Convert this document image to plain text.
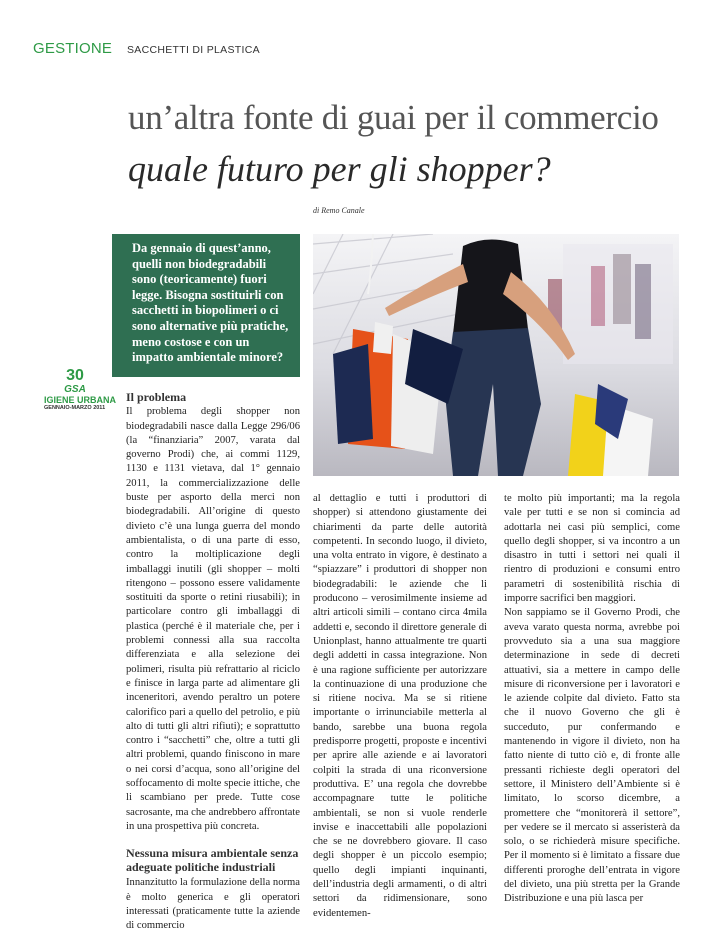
GESTIONE SACCHETTI DI PLASTICA
un’altra fonte di guai per il commercio
quale futuro per gli shopper?
di Remo Canale
Da gennaio di quest’anno, quelli non biodegradabili sono (teoricamente) fuori legge. Bisogna sostituirli con sacchetti in biopolimeri o ci sono alternative più pratiche, meno costose e con un impatto ambientale minore?
30
GSA
IGIENE URBANA
GENNAIO-MARZO 2011
Il problema

Il problema degli shopper non biodegradabili nasce dalla Legge 296/06 (la “finanziaria” 2007, varata dal governo Prodi) che, ai commi 1129, 1130 e 1131 vietava, dal 1° gennaio 2011, la commercializzazione delle buste per asporto della merci non biodegradabili. All’origine di questo divieto c’è una lunga guerra del mondo ambientalista, o di una parte di esso, contro la moltiplicazione degli imballaggi inutili (gli shopper – molti ritengono – possono essere validamente sostituiti da sporte o retini riusabili); in particolare contro gli imballaggi di plastica (perché è il materiale che, per i problemi connessi alla sua raccolta differenziata e alla selezione dei polimeri, risulta più refrattario al riciclo e finisce in larga parte ad alimentare gli inceneritori, avendo peraltro un potere calorifico pari a quello del petrolio, e più alto di tutti gli altri rifiuti); e soprattutto contro i “sacchetti” che, oltre a tutti gli altri problemi, quando finiscono in mare o nei corsi d’acqua, sono all’origine del soffocamento di molte specie ittiche, che li scambiano per prede. Tutte cose sacrosante, ma che andrebbero affrontate in una prospettiva più concreta.

Nessuna misura ambientale senza adeguate politiche industriali

Innanzitutto la formulazione della norma è molto generica e gli operatori interessati (praticamente tutte la aziende di commercio

al dettaglio e tutti i produttori di shopper) si attendono giustamente dei chiarimenti da parte delle autorità competenti. In secondo luogo, il divieto, una volta entrato in vigore, è destinato a “spiazzare” i produttori di shopper non biodegradabili: le aziende che li producono – verosimilmente insieme ad altri articoli simili – contano circa 4mila addetti e, secondo il direttore generale di Unionplast, hanno attualmente tre quarti degli addetti in cassa integrazione. Non è una ragione sufficiente per autorizzare la continuazione di una produzione che si ritiene nociva. Ma se si ritiene importante o irrinunciabile metterla al bando, sarebbe una buona regola predisporre progetti, proposte e incentivi per aprire alle aziende e ai lavoratori colpiti la strada di una riconversione produttiva. E’ una regola che dovrebbe accompagnare tutte le politiche ambientali, se non si vuole renderle invise e inaccettabili alle popolazioni che se ne dovrebbero giovare. Il caso degli shopper è un piccolo esempio; quello degli impianti inquinanti, dell’industria degli armamenti, o di altri settori da ridimensionare, sono evidentemen-

te molto più importanti; ma la regola vale per tutti e se non si comincia ad adottarla nei casi più semplici, come quello degli shopper, si va incontro a un disastro in tutti i settori nei quali il rientro di produzioni e consumi entro parametri di sostenibilità rischia di imporre sacrifici ben maggiori.

Non sappiamo se il Governo Prodi, che aveva varato questa norma, avrebbe poi provveduto sia a una sua maggiore determinazione in sede di decreti attuativi, sia a mettere in campo delle misure di riconversione per i lavoratori e le aziende colpite dal divieto. Fatto sta che il nuovo Governo che gli è succeduto, pur confermando e mantenendo in vigore il divieto, non ha fatto niente di tutto ciò e, di fronte alle pressanti richieste degli operatori del settore, il Ministero dell’Ambiente si è limitato, lo scorso dicembre, a promettere che “monitorerà il settore”, per vedere se il mercato si asseristerà da solo, o se richiederà misure specifiche. Per il momento si è limitato a fissare due differenti proroghe dell’entrata in vigore del divieto, una più stretta per la Grande Distribuzione e una più lasca per
